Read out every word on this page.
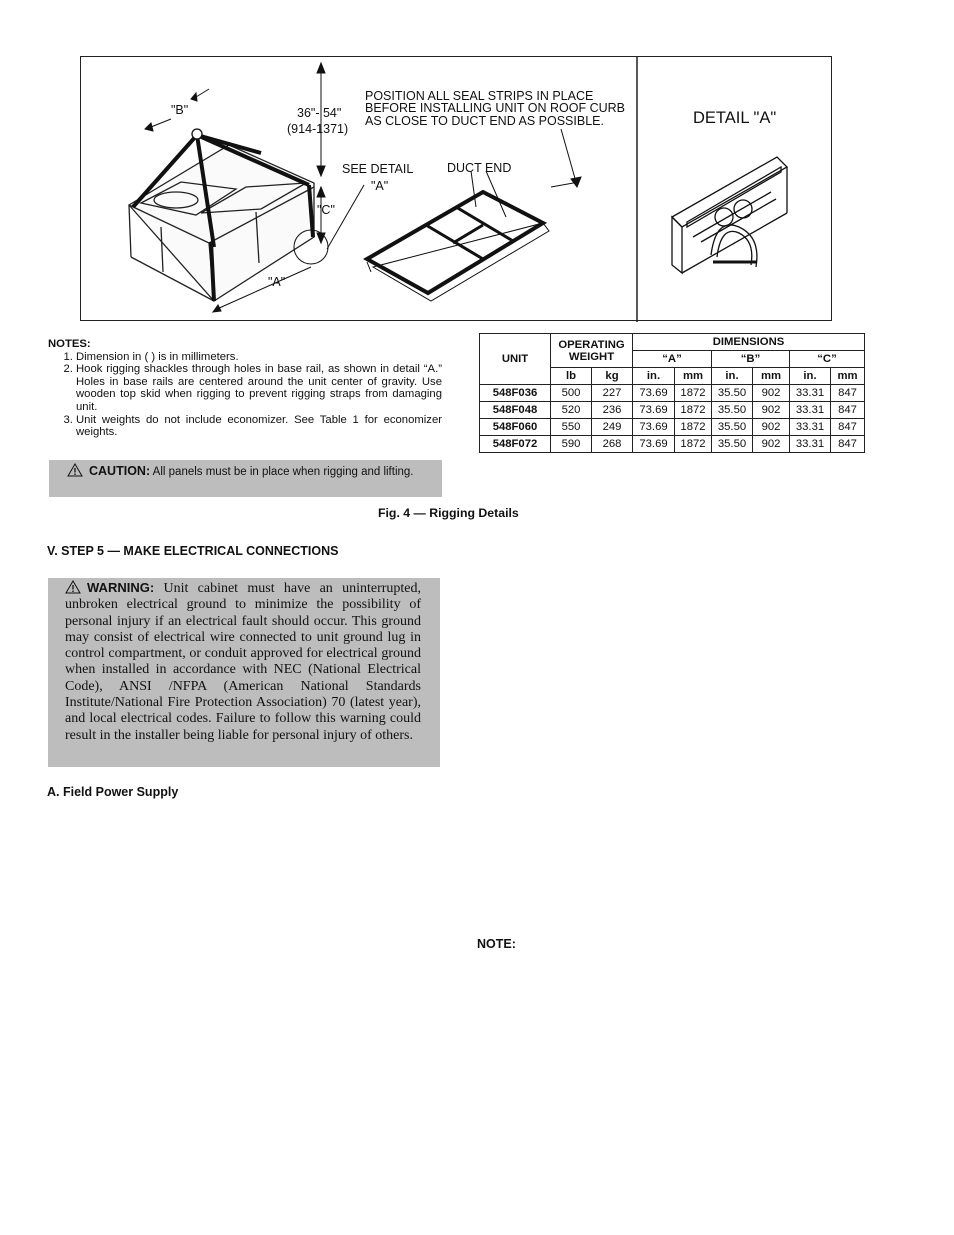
"B"	36"- 54"
(914-1371)
POSITION ALL SEAL STRIPS IN PLACE
BEFORE INSTALLING UNIT ON ROOF CURB
AS CLOSE TO DUCT END AS POSSIBLE.
SEE DETAIL
"A"
DUCT END
"C"
"A"
DETAIL "A"
NOTES:
1. Dimension in ( ) is in millimeters.
2. Hook rigging shackles through holes in base rail, as shown in detail “A.” Holes in base rails are centered around the unit center of gravity. Use wooden top skid when rigging to prevent rigging straps from damaging unit.
3. Unit weights do not include economizer. See Table 1 for economizer weights.
CAUTION: All panels must be in place when rigging and lifting.
UNIT	OPERATING WEIGHT		DIMENSIONS					
			“A”		“B”		“C”	
	lb	kg	in.	mm	in.	mm	in.	mm
548F036	500	227	73.69	1872	35.50	902	33.31	847
548F048	520	236	73.69	1872	35.50	902	33.31	847
548F060	550	249	73.69	1872	35.50	902	33.31	847
548F072	590	268	73.69	1872	35.50	902	33.31	847
Fig. 4 — Rigging Details
V. STEP 5 — MAKE ELECTRICAL CONNECTIONS
WARNING: Unit cabinet must have an uninterrupted, unbroken electrical ground to minimize the possibility of personal injury if an electrical fault should occur. This ground may consist of electrical wire connected to unit ground lug in control compartment, or conduit approved for electrical ground when installed in accordance with NEC (National Electrical Code), ANSI /NFPA (American National Standards Institute/National Fire Protection Association) 70 (latest year), and local electrical codes. Failure to follow this warning could result in the installer being liable for personal injury of others.
A. Field Power Supply
NOTE:
